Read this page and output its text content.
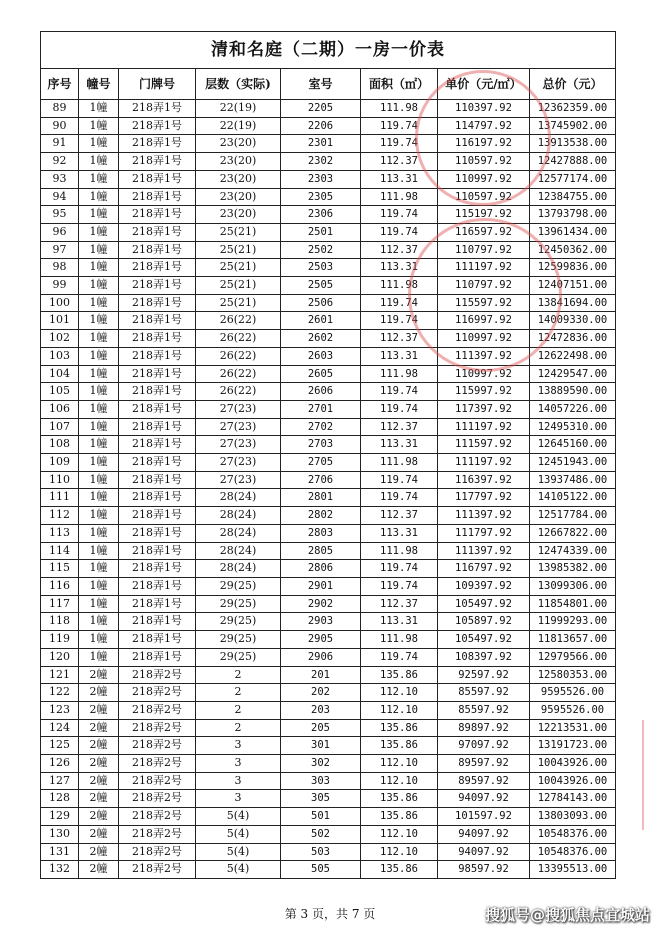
清和名庭（二期）一房一价表							
序号	幢号	门牌号	层数（实际)	室号	面积（㎡）	单价（元/㎡）	总价（元）
89	1幢	218弄1号	22(19)	2205	111.98	110397.92	12362359.00
90	1幢	218弄1号	22(19)	2206	119.74	114797.92	13745902.00
91	1幢	218弄1号	23(20)	2301	119.74	116197.92	13913538.00
92	1幢	218弄1号	23(20)	2302	112.37	110597.92	12427888.00
93	1幢	218弄1号	23(20)	2303	113.31	110997.92	12577174.00
94	1幢	218弄1号	23(20)	2305	111.98	110597.92	12384755.00
95	1幢	218弄1号	23(20)	2306	119.74	115197.92	13793798.00
96	1幢	218弄1号	25(21)	2501	119.74	116597.92	13961434.00
97	1幢	218弄1号	25(21)	2502	112.37	110797.92	12450362.00
98	1幢	218弄1号	25(21)	2503	113.31	111197.92	12599836.00
99	1幢	218弄1号	25(21)	2505	111.98	110797.92	12407151.00
100	1幢	218弄1号	25(21)	2506	119.74	115597.92	13841694.00
101	1幢	218弄1号	26(22)	2601	119.74	116997.92	14009330.00
102	1幢	218弄1号	26(22)	2602	112.37	110997.92	12472836.00
103	1幢	218弄1号	26(22)	2603	113.31	111397.92	12622498.00
104	1幢	218弄1号	26(22)	2605	111.98	110997.92	12429547.00
105	1幢	218弄1号	26(22)	2606	119.74	115997.92	13889590.00
106	1幢	218弄1号	27(23)	2701	119.74	117397.92	14057226.00
107	1幢	218弄1号	27(23)	2702	112.37	111197.92	12495310.00
108	1幢	218弄1号	27(23)	2703	113.31	111597.92	12645160.00
109	1幢	218弄1号	27(23)	2705	111.98	111197.92	12451943.00
110	1幢	218弄1号	27(23)	2706	119.74	116397.92	13937486.00
111	1幢	218弄1号	28(24)	2801	119.74	117797.92	14105122.00
112	1幢	218弄1号	28(24)	2802	112.37	111397.92	12517784.00
113	1幢	218弄1号	28(24)	2803	113.31	111797.92	12667822.00
114	1幢	218弄1号	28(24)	2805	111.98	111397.92	12474339.00
115	1幢	218弄1号	28(24)	2806	119.74	116797.92	13985382.00
116	1幢	218弄1号	29(25)	2901	119.74	109397.92	13099306.00
117	1幢	218弄1号	29(25)	2902	112.37	105497.92	11854801.00
118	1幢	218弄1号	29(25)	2903	113.31	105897.92	11999293.00
119	1幢	218弄1号	29(25)	2905	111.98	105497.92	11813657.00
120	1幢	218弄1号	29(25)	2906	119.74	108397.92	12979566.00
121	2幢	218弄2号	2	201	135.86	92597.92	12580353.00
122	2幢	218弄2号	2	202	112.10	85597.92	9595526.00
123	2幢	218弄2号	2	203	112.10	85597.92	9595526.00
124	2幢	218弄2号	2	205	135.86	89897.92	12213531.00
125	2幢	218弄2号	3	301	135.86	97097.92	13191723.00
126	2幢	218弄2号	3	302	112.10	89597.92	10043926.00
127	2幢	218弄2号	3	303	112.10	89597.92	10043926.00
128	2幢	218弄2号	3	305	135.86	94097.92	12784143.00
129	2幢	218弄2号	5(4)	501	135.86	101597.92	13803093.00
130	2幢	218弄2号	5(4)	502	112.10	94097.92	10548376.00
131	2幢	218弄2号	5(4)	503	112.10	94097.92	10548376.00
132	2幢	218弄2号	5(4)	505	135.86	98597.92	13395513.00
第 3 页，共 7 页	搜狐号@搜狐焦点宜城站
